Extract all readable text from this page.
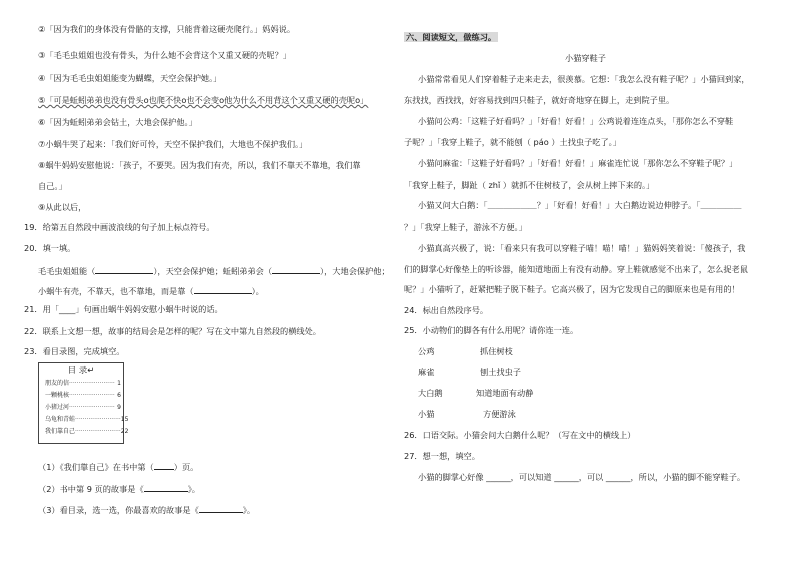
②「因为我们的身体没有骨骼的支撑，只能背着这硬壳爬行。」妈妈说。
③「毛毛虫姐姐也没有骨头，为什么她不会背这个又重又硬的壳呢？」
④「因为毛毛虫姐姐能变为蝴蝶，天空会保护她。」
⑤「可是蚯蚓弟弟也没有骨头o也爬不快o也不会变o他为什么不用背这个又重又硬的壳呢o」
⑥「因为蚯蚓弟弟会钻土，大地会保护他。」
⑦小蜗牛哭了起来：「我们好可怜，天空不保护我们，大地也不保护我们。」
⑧蜗牛妈妈安慰他说：「孩子，不要哭。因为我们有壳，所以，我们不靠天不靠地，我们靠
自己。」
⑨从此以后，
19．给第五自然段中画波浪线的句子加上标点符号。
20．填一填。
毛毛虫姐姐能（	），天空会保护她；蚯蚓弟弟会（	），大地会保护他；
小蜗牛有壳，不靠天，也不靠地，而是靠（	）。
21．用「____」句画出蜗牛妈妈安慰小蜗牛时说的话。
22．联系上文想一想，故事的结局会是怎样的呢？写在文中第九自然段的横线处。
23．看目录图，完成填空。
目 录↵
朋友的信 ························ 1
一颗桃核 ························ 6
小猪过河 ························ 9
乌龟和青蛙 ························ 15
我们靠自己 ························ 22
（1）《我们靠自己》在书中第（ ）页。
（2）书中第 9 页的故事是《	》。
（3）看目录，选一选，你最喜欢的故事是《	》。
六、阅读短文，做练习。
小猫穿鞋子
小猫常常看见人们穿着鞋子走来走去，很羡慕。它想：「我怎么没有鞋子呢？」小猫回到家，
东找找，西找找，好容易找到四只鞋子，就好奇地穿在脚上，走到院子里。
小猫问公鸡：「这鞋子好看吗？」「好看！好看！」公鸡说着连连点头，「那你怎么不穿鞋
子呢？」「我穿上鞋子，就不能刨（ páo ）土找虫子吃了。」
小猫问麻雀：「这鞋子好看吗？」「好看！好看！」麻雀连忙说「那你怎么不穿鞋子呢？」
「我穿上鞋子，脚趾（ zhǐ ）就抓不住树枝了，会从树上摔下来的。」
小猫又问大白鹅：「＿＿＿＿＿＿？」「好看！好看！」大白鹅边说边伸脖子。「＿＿＿＿＿
？」「我穿上鞋子，游泳不方便。」
小猫真高兴极了，说：「看来只有我可以穿鞋子喵！喵！喵！」猫妈妈笑着说：「傻孩子，我
们的脚掌心好像垫上的听诊器，能知道地面上有没有动静。穿上鞋就感觉不出来了，怎么捉老鼠
呢？」小猫听了，赶紧把鞋子脱下鞋子。它高兴极了，因为它发现自己的脚原来也是有用的！
24．标出自然段序号。
25．小动物们的脚各有什么用呢？请你连一连。
公鸡	抓住树枝
麻雀	刨土找虫子
大白鹅	知道地面有动静
小猫	方便游泳
26．口语交际。小猫会问大白鹅什么呢？（写在文中的横线上）
27．想一想，填空。
小猫的脚掌心好像 ______，可以知道 ______，可以 ______，所以，小猫的脚不能穿鞋子。
